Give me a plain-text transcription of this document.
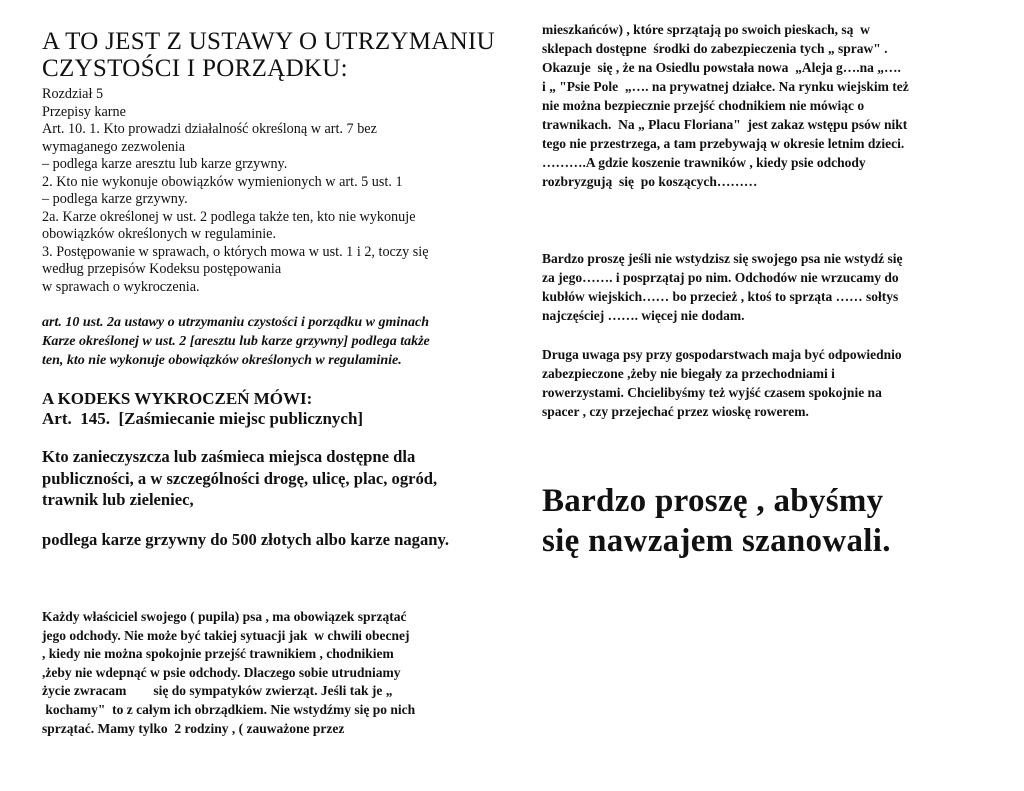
A TO JEST Z USTAWY O UTRZYMANIU
CZYSTOŚCI I PORZĄDKU:
Rozdział 5
Przepisy karne
Art. 10. 1. Kto prowadzi działalność określoną w art. 7 bez
wymaganego zezwolenia
– podlega karze aresztu lub karze grzywny.
2. Kto nie wykonuje obowiązków wymienionych w art. 5 ust. 1
– podlega karze grzywny.
2a. Karze określonej w ust. 2 podlega także ten, kto nie wykonuje
obowiązków określonych w regulaminie.
3. Postępowanie w sprawach, o których mowa w ust. 1 i 2, toczy się
według przepisów Kodeksu postępowania
w sprawach o wykroczenia.
art. 10 ust. 2a ustawy o utrzymaniu czystości i porządku w gminach
Karze określonej w ust. 2 [aresztu lub karze grzywny] podlega także
ten, kto nie wykonuje obowiązków określonych w regulaminie.
A KODEKS WYKROCZEŃ MÓWI:
Art.  145.  [Zaśmiecanie miejsc publicznych]
Kto zanieczyszcza lub zaśmieca miejsca dostępne dla
publiczności, a w szczególności drogę, ulicę, plac, ogród,
trawnik lub zieleniec,
podlega karze grzywny do 500 złotych albo karze nagany.
Każdy właściciel swojego ( pupila) psa , ma obowiązek sprzątać
jego odchody. Nie może być takiej sytuacji jak  w chwili obecnej
, kiedy nie można spokojnie przejść trawnikiem , chodnikiem
,żeby nie wdepnąć w psie odchody. Dlaczego sobie utrudniamy
życie zwracam        się do sympatyków zwierząt. Jeśli tak je „
kochamy"  to z całym ich obrządkiem. Nie wstydźmy się po nich
sprzątać. Mamy tylko  2 rodziny , ( zauważone przez
mieszkańców) , które sprzątają po swoich pieskach, są  w
sklepach dostępne  środki do zabezpieczenia tych „ spraw" .
Okazuje  się , że na Osiedlu powstała nowa  „Aleja g….na „….
i „ "Psie Pole  „…. na prywatnej działce. Na rynku wiejskim też
nie można bezpiecznie przejść chodnikiem nie mówiąc o
trawnikach.  Na „ Placu Floriana"  jest zakaz wstępu psów nikt
tego nie przestrzega, a tam przebywają w okresie letnim dzieci.
……….A gdzie koszenie trawników , kiedy psie odchody
rozbryzgują  się  po koszących………
Bardzo proszę jeśli nie wstydzisz się swojego psa nie wstydź się
za jego……. i posprzątaj po nim. Odchodów nie wrzucamy do
kubłów wiejskich…… bo przecież , ktoś to sprząta …… sołtys
najczęściej ……. więcej nie dodam.
Druga uwaga psy przy gospodarstwach maja być odpowiednio
zabezpieczone ,żeby nie biegały za przechodniami i
rowerzystami. Chcielibyśmy też wyjść czasem spokojnie na
spacer , czy przejechać przez wioskę rowerem.
Bardzo proszę , abyśmy
się nawzajem szanowali.
